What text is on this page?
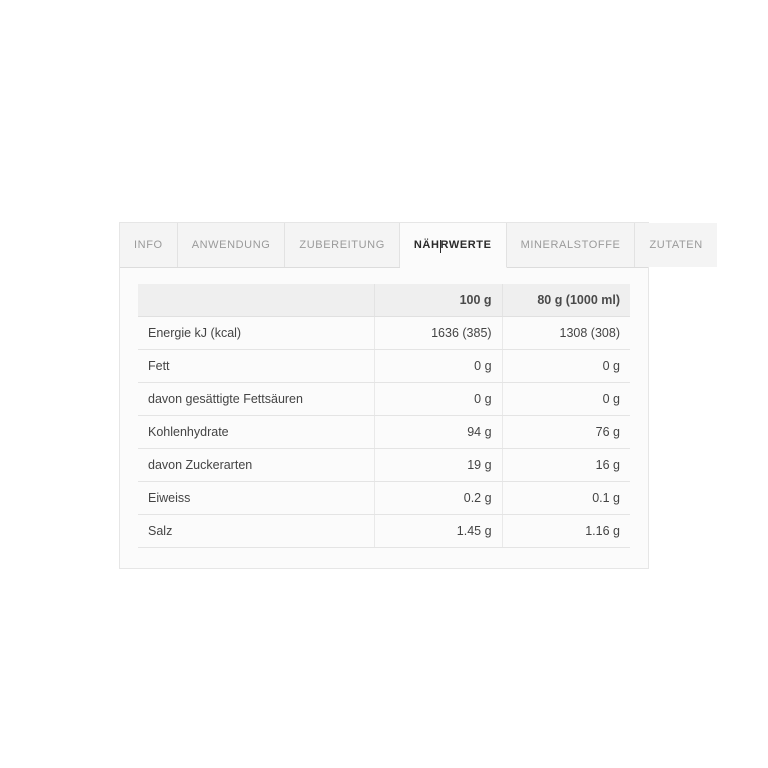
INFO	ANWENDUNG	ZUBEREITUNG	NÄH RWERTE	MINERALSTOFFE	ZUTATEN
	100 g	80 g (1000 ml)
Energie kJ (kcal)	1636 (385)	1308 (308)
Fett	0 g	0 g
davon gesättigte Fettsäuren	0 g	0 g
Kohlenhydrate	94 g	76 g
davon Zuckerarten	19 g	16 g
Eiweiss	0.2 g	0.1 g
Salz	1.45 g	1.16 g
